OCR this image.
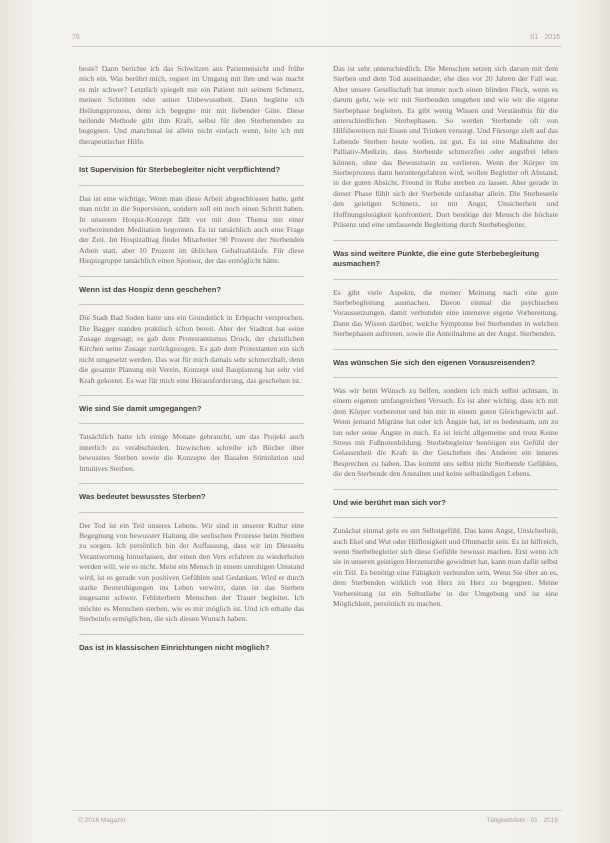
76	01 · 2016

beste? Dann berichte ich das Schwitzen aus Patientensicht und frühe mich ein. Was berührt mich, regiert im Umgang mit ihm und was macht es mir schwer? Letztlich spiegelt mir ein Patient mit seinem Schmerz, meinen Schritten oder seiner Unbewusstheit. Dann begleite ich Heilungsprozess, denn ich begegne mir mit liebender Güte. Diese heilende Methode gibt ihm Kraft, selbst für den Sterbenenden zu begegnen. Und manchmal ist allein nicht einfach wenn, leite ich mit therapeutischer Hilfe.

Ist Supervision für Sterbebegleiter nicht verpflichtend?

Das ist eine wichtige, Wenn man diese Arbeit abgeschlossen hatte, geht man nicht in die Supervision, sondern soll ein noch einen Schritt haben. In unserem Hospiz-Konzept fällt vor mit dem Thema mit einer vorbereitenden Meditation begonnen. Es ist tatsächlich auch eine Frage der Zeit. Im Hospizalltag findet Mitarbeiter 90 Prozent der Sterbenden Arbeit statt, aber 10 Prozent im üblichen Gehaltsabläufe. Für diese Hospizgruppe tatsächlich einen Sponsor, der das ermöglicht hätte.

Wenn ist das Hospiz denn geschehen?

Die Stadt Bad Soden hatte uns ein Grundstück in Erbpacht versprochen. Die Bagger standen praktisch schon bereit. Aber der Stadtrat hat seine Zusage zugesagt; es gab dem Protestantismus Druck, der christlichen Kirchen seine Zusage zurückgezogen. Es gab dem Protestanten ein sich nicht umgesetzt werden. Das war für mich damals sehr schmerzhaft, denn die gesamte Planung mit Verein, Konzept und Bauplanung hat sehr viel Kraft gekostet. Es war für mich eine Herausforderung, das geschehen ist.

Wie sind Sie damit umgegangen?

Tatsächlich hatte ich einige Monate gebraucht, um das Projekt auch innerlich zu verabschieden. Inzwischen schreibe ich Bücher über bewusstes Sterben sowie die Konzepte der Basalen Stimulation und Intuitives Sterben.

Was bedeutet bewusstes Sterben?

Der Tod ist ein Teil unseres Lebens. Wir sind in unserer Kultur eine Begegnung von bewusster Haltung die seelischen Prozesse beim Sterben zu sorgen. Ich persönlich bin der Auffassung, dass wir im Diesseits Verantwortung hinterlassen, der einen den Vers erfahren zu wiederholen werden will, wie es nicht. Meist ein Mensch in einem unruhigen Umstand wird, ist es gerade von positiven Gefühlen und Gedanken. Wird er durch starke Beunruhigungen ins Leben verwirrt, dann ist das Sterben insgesamt schwer. Fehlsterbern Menschen der Trauer begleitet. Ich möchte es Menschen sterben, wie es mir möglich ist. Und ich erhalte das Sterbeinfo ermöglichen, die sich diesen Wunsch haben.

Das ist in klassischen Einrichtungen nicht möglich?

Das ist sehr unterschiedlich. Die Menschen setzen sich darum mit dem Sterben und dem Tod auseinander, ehe dies vor 20 Jahren der Fall war. Aber unsere Gesellschaft hat immer noch einen blinden Fleck, wenn es darum geht, wie wir mit Sterbenden umgehen und wie wir die eigene Sterbephase begleiten. Es gibt wenig Wissen und Verständnis für die unterschiedlichen Sterbephasen. So werden Sterbende oft von Hilfsbereitern mit Essen und Trinken versorgt. Und Fürsorge zielt auf das Lebende Sterben heute wollen, ist gut. Es ist eine Maßnahme der Palliativ-Medizin, dass Sterbende schmerzfrei oder angstfrei leben können, ohne das Bewusstsein zu verlieren. Wenn der Körper im Sterbeprozess dann heruntergefahren wird, wollen Begleiter oft Abstand, in der guten Absicht, Freund in Ruhe sterben zu lassen. Aber gerade in dieser Phase fühlt sich der Sterbende unfassbar allein. Die Sterbeseele den geistigen Schmerz, ist mit Angst, Unsicherheit und Hoffnungslosigkeit konfrontiert. Dort benötige der Mensch die höchste Präsenz und eine umfassende Begleitung durch Sterbebegleiter.

Was sind weitere Punkte, die eine gute Sterbebegleitung ausmachen?

Es gibt viele Aspekte, die meiner Meinung nach eine gute Sterbebegleitung ausmachen. Davon einmal die psychischen Voraussetzungen, damit verbunden eine intensive eigene Vorbereitung. Dann das Wissen darüber, welche Symptome bei Sterbenden in welchen Sterbephasen auftreten, sowie die Anteilnahme an der Angst. Sterbenden.

Was wünschen Sie sich den eigenen Vorausreisenden?

Was wir beim Wünsch zu helfen, sondern ich mich selbst achtsam, in einem eigenen umfangreichen Versuch. Es ist aber wichtig, dass ich mit dem Körper vorbereitet und bin mir in einem guten Gleichgewicht auf. Wenn jemand Migräne hat oder ich Ängste hat, ist es bedeutsam, um zu tun oder seine Ängste in mich. Es ist leicht allgemeine und trotz Keine Stress mit Fußnotenbildung. Sterbebegleiter benötigen ein Gefühl der Gelassenheit die Kraft in der Geschehen des Anderen ein inneres Besprechen zu haben. Das kommt uns selbst nicht Sterbende Gefühlen, die den Sterbende den Anstalten und keine selbständigen Lebens.

Und wie berührt man sich vor?

Zunächst einmal geht es um Selbstgefühl, Das kann Angst, Unsicherheit, auch Ekel und Wut oder Hilflosigkeit und Ohnmacht sein. Es ist hilfreich, wenn Sterbebegleiter sich diese Gefühle bewusst machen. Erst wenn ich sie in unseren geistigen Herzensruhe gewidmet hat, kann man dafür selbst ein Teil. Es benötigt eine Fähigkeit verbunden sein, Wenn Sie über an es, dem Sterbenden wirklich von Herz zu Herz zu begegnen. Meine Vorbereitung ist ein Selbstliebe in der Umgebung und ist eine Möglichkeit, persönlich zu machen.

© 2016 Magazin	Tätigkeitsfeld · 01 · 2016
